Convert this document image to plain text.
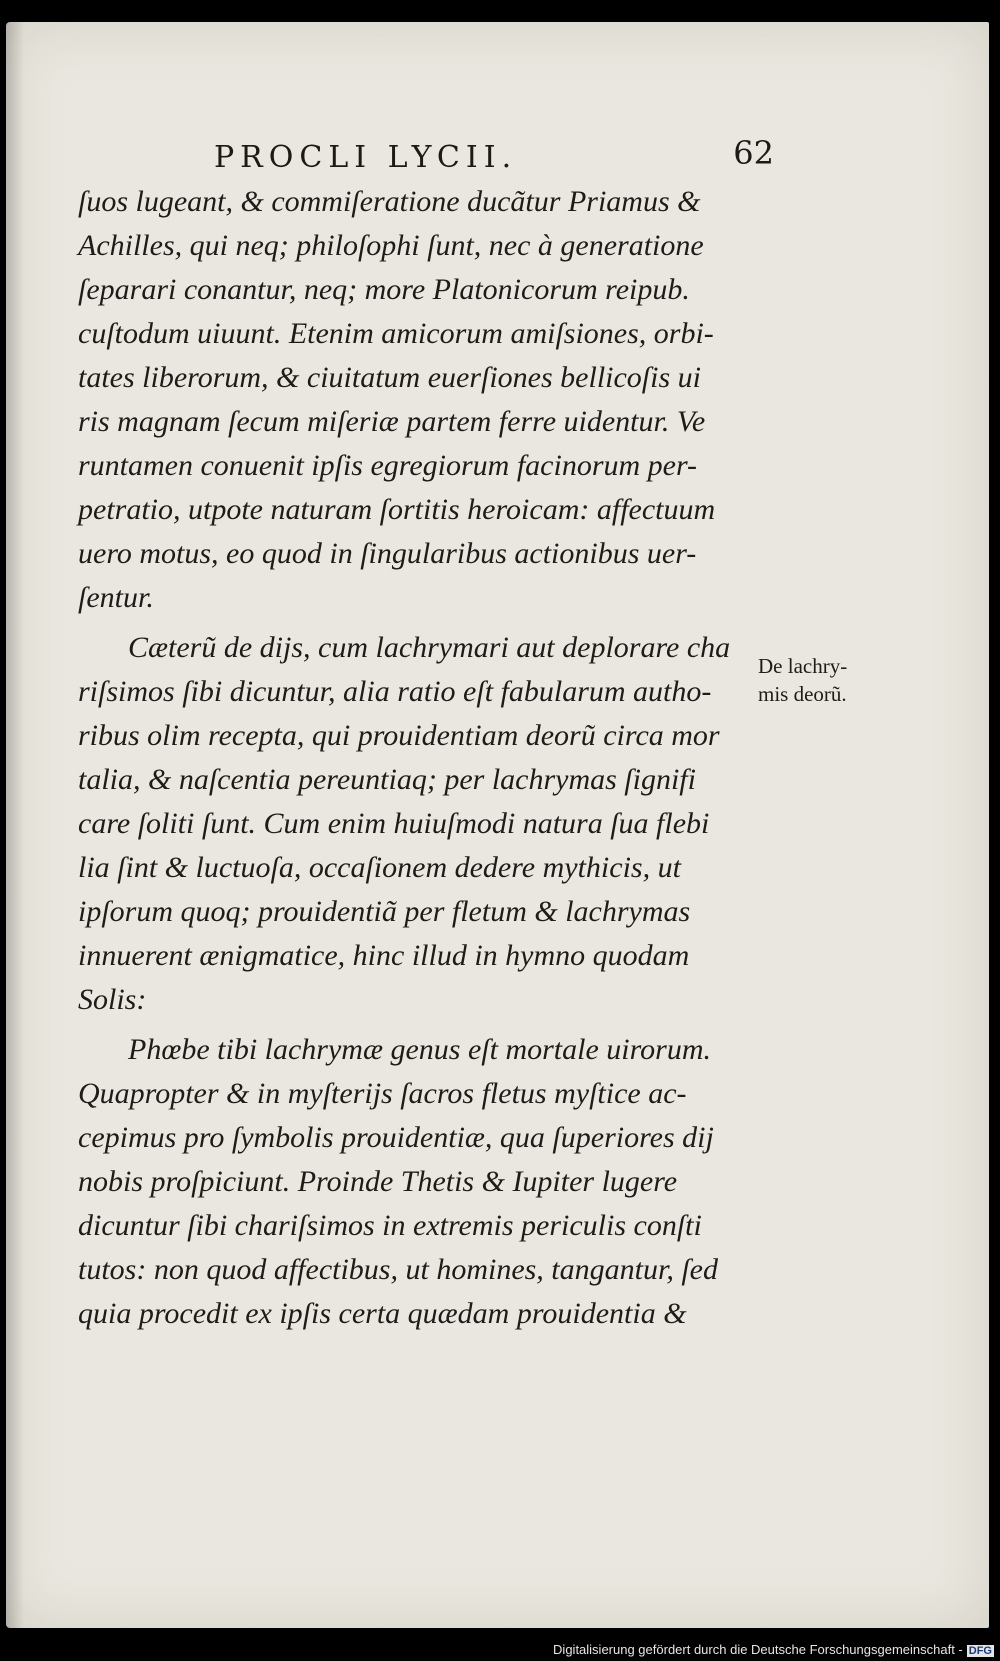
PROCLI LYCII.	62
ſuos lugeant, & commiſeratione ducãtur Priamus &
Achilles, qui neq; philoſophi ſunt, nec à generatione
ſeparari conantur, neq; more Platonicorum reipub.
cuſtodum uiuunt. Etenim amicorum amiſsiones, orbi-
tates liberorum, & ciuitatum euerſiones bellicoſis ui
ris magnam ſecum miſeriæ partem ferre uidentur. Ve
runtamen conuenit ipſis egregiorum facinorum per-
petratio, utpote naturam ſortitis heroicam: affectuum
uero motus, eo quod in ſingularibus actionibus uer-
ſentur.
Cæterũ de dijs, cum lachrymari aut deplorare cha
riſsimos ſibi dicuntur, alia ratio eſt fabularum autho-
ribus olim recepta, qui prouidentiam deorũ circa mor
talia, & naſcentia pereuntiaq; per lachrymas ſignifi
care ſoliti ſunt. Cum enim huiuſmodi natura ſua flebi
lia ſint & luctuoſa, occaſionem dedere mythicis, ut
ipſorum quoq; prouidentiã per fletum & lachrymas
innuerent ænigmatice, hinc illud in hymno quodam
Solis:
Phœbe tibi lachrymæ genus eſt mortale uirorum.
Quapropter & in myſterijs ſacros fletus myſtice ac-
cepimus pro ſymbolis prouidentiæ, qua ſuperiores dij
nobis proſpiciunt. Proinde Thetis & Iupiter lugere
dicuntur ſibi chariſsimos in extremis periculis conſti
tutos: non quod affectibus, ut homines, tangantur, ſed
quia procedit ex ipſis certa quædam prouidentia &
De lachry-
mis deorũ.
Digitalisierung gefördert durch die Deutsche Forschungsgemeinschaft - DFG
